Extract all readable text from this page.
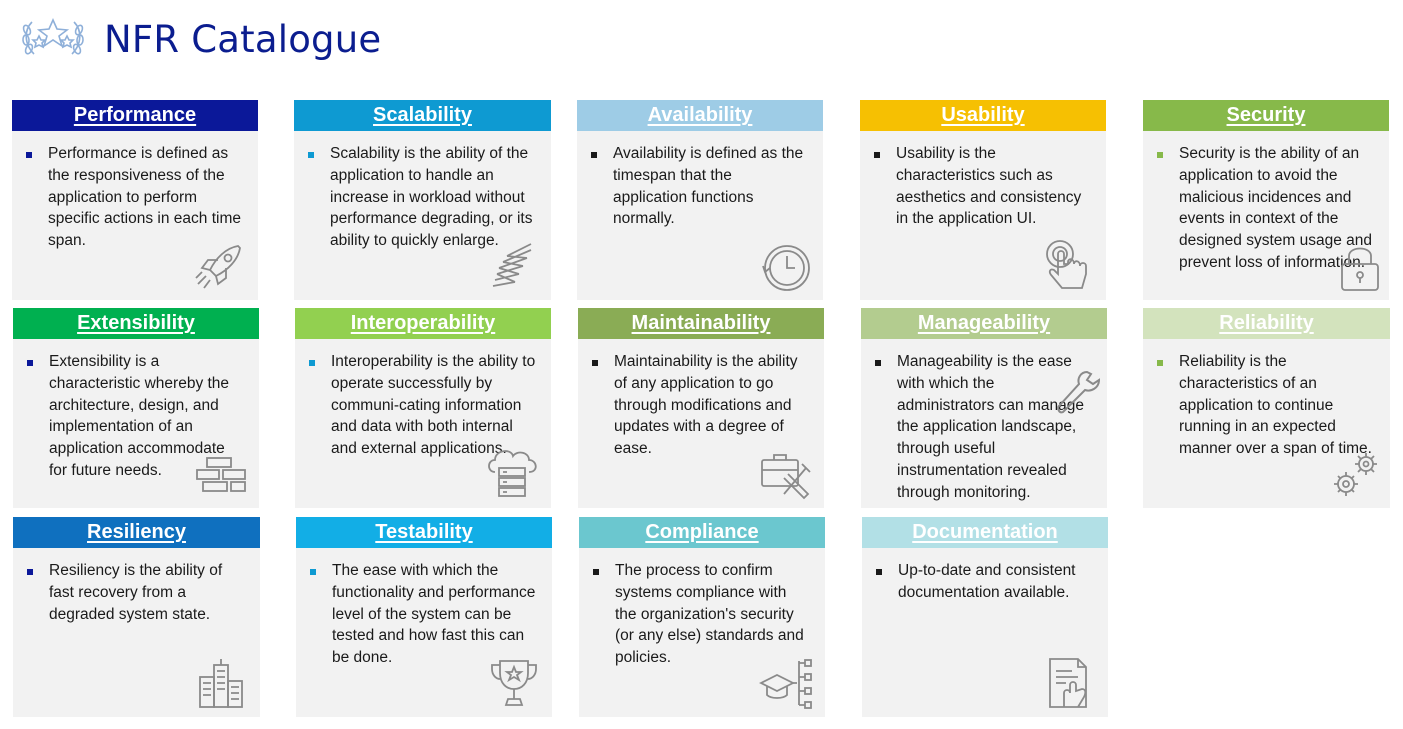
NFR Catalogue
Performance
Performance is defined as the responsiveness of the application to perform specific actions in each time span.
Scalability
Scalability is the ability of the application to handle an increase in workload without performance degrading, or its ability to quickly enlarge.
Availability
Availability is defined as the timespan that the application functions normally.
Usability
Usability is the characteristics such as aesthetics and consistency in the application UI.
Security
Security is the ability of an application to avoid the malicious incidences and events in context of the designed system usage and prevent loss of information.
Extensibility
Extensibility is a characteristic whereby the architecture, design, and implementation of an application accommodate for future needs.
Interoperability
Interoperability is the ability to operate successfully by communi-cating information and data with both internal and external applications.
Maintainability
Maintainability is the ability of any application to go through modifications and updates with a degree of ease.
Manageability
Manageability is the ease with which the administrators can manage the application landscape, through useful instrumentation revealed through monitoring.
Reliability
Reliability is the characteristics of an application to continue running in an expected manner over a span of time.
Resiliency
Resiliency is the ability of fast recovery from a degraded system state.
Testability
The ease with which the functionality and performance level of the system can be tested and how fast this can be done.
Compliance
The process to confirm systems compliance with the organization's security (or any else) standards and policies.
Documentation
Up-to-date and consistent documentation available.
